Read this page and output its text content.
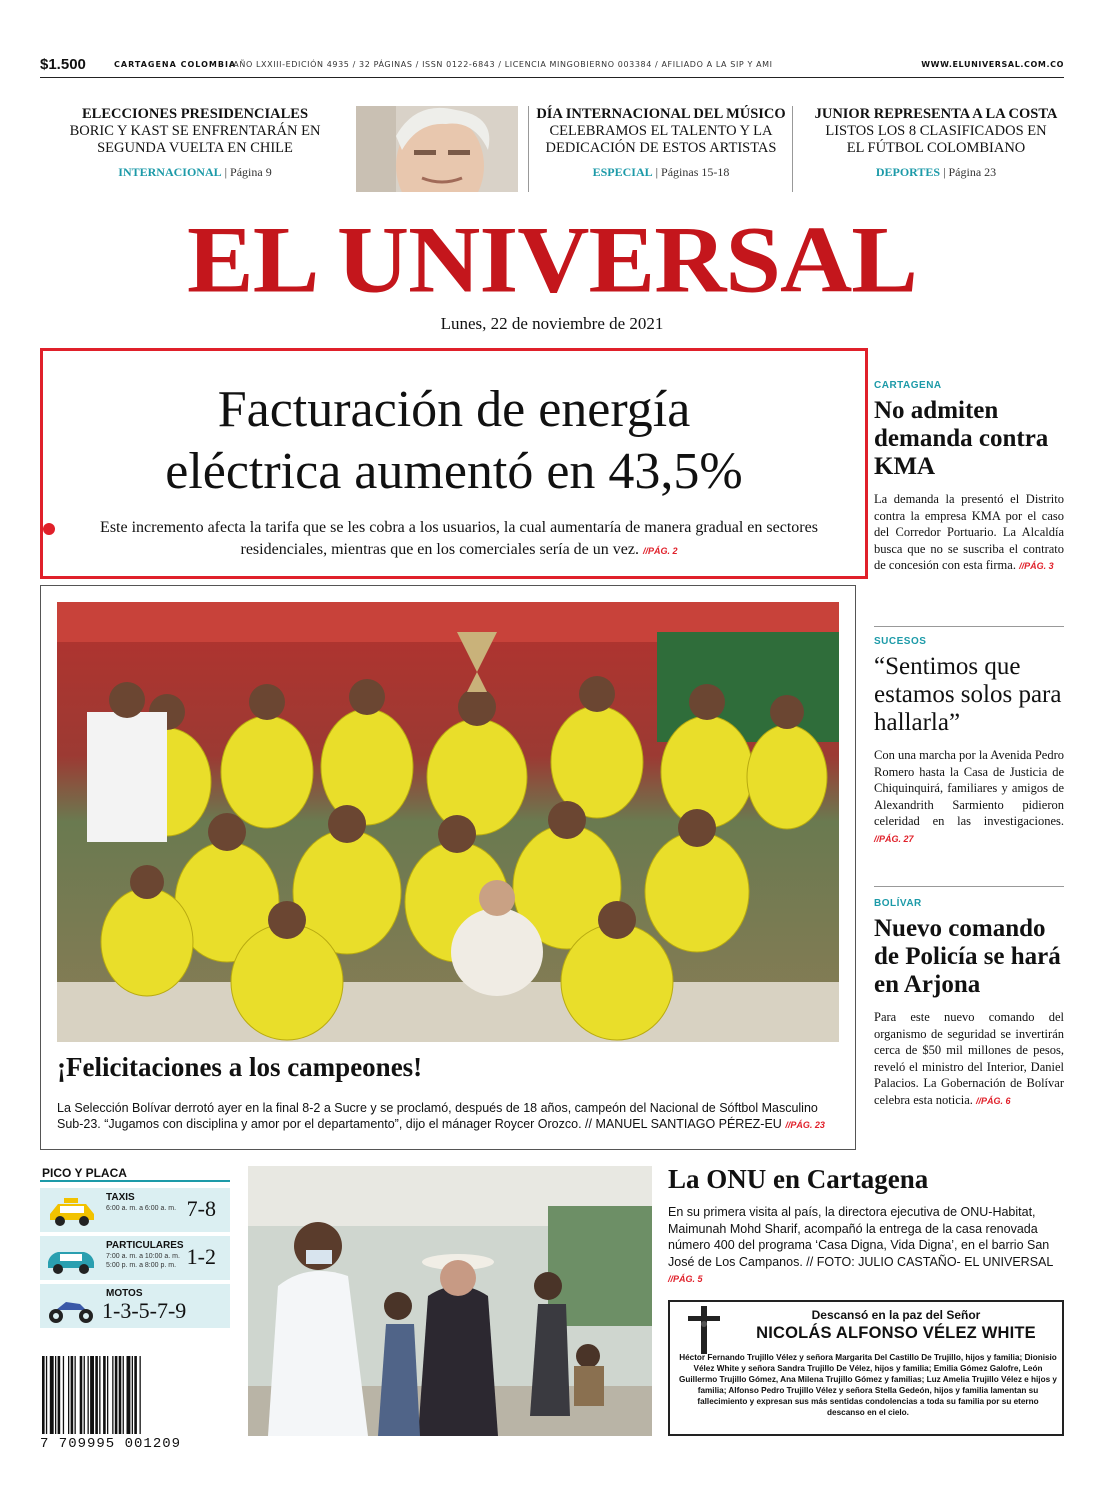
$1.500	CARTAGENA COLOMBIA
/AÑO LXXIII-EDICIÓN 4935 / 32 PÁGINAS / ISSN 0122-6843 / LICENCIA MINGOBIERNO 003384 / AFILIADO A LA SIP Y AMI	WWW.ELUNIVERSAL.COM.CO
ELECCIONES PRESIDENCIALES
BORIC Y KAST SE ENFRENTARÁN EN
SEGUNDA VUELTA EN CHILE
INTERNACIONAL | Página 9
DÍA INTERNACIONAL DEL MÚSICO
CELEBRAMOS EL TALENTO Y LA
DEDICACIÓN DE ESTOS ARTISTAS
ESPECIAL | Páginas 15-18
JUNIOR REPRESENTA A LA COSTA
LISTOS LOS 8 CLASIFICADOS EN
EL FÚTBOL COLOMBIANO
DEPORTES | Página 23
EL UNIVERSAL
Lunes, 22 de noviembre de 2021
Facturación de energía
eléctrica aumentó en 43,5%
Este incremento afecta la tarifa que se les cobra a los usuarios, la cual aumentaría de manera gradual en sectores residenciales, mientras que en los comerciales sería de un vez. //PÁG. 2
CARTAGENA
No admiten demanda contra KMA
La demanda la presentó el Distrito contra la empresa KMA por el caso del Corredor Portuario. La Alcaldía busca que no se suscriba el contrato de concesión con esta firma. //PÁG. 3
SUCESOS
“Sentimos que estamos solos para hallarla”
Con una marcha por la Avenida Pedro Romero hasta la Casa de Justicia de Chiquinquirá, familiares y amigos de Alexandrith Sarmiento pidieron celeridad en las investigaciones. //PÁG. 27
BOLÍVAR
Nuevo comando de Policía se hará en Arjona
Para este nuevo comando del organismo de seguridad se invertirán cerca de $50 mil millones de pesos, reveló el ministro del Interior, Daniel Palacios. La Gobernación de Bolívar celebra esta noticia. //PÁG. 6
¡Felicitaciones a los campeones!
La Selección Bolívar derrotó ayer en la final 8-2 a Sucre y se proclamó, después de 18 años, campeón del Nacional de Sóftbol Masculino Sub-23. “Jugamos con disciplina y amor por el departamento”, dijo el mánager Roycer Orozco. // MANUEL SANTIAGO PÉREZ-EU //PÁG. 23
PICO Y PLACA
TAXIS
6:00 a. m. a 6:00 a. m. 7-8
PARTICULARES
7:00 a. m. a 10:00 a. m.
5:00 p. m. a 8:00 p. m. 1-2
MOTOS
1-3-5-7-9
7 709995 001209
La ONU en Cartagena
En su primera visita al país, la directora ejecutiva de ONU-Habitat, Maimunah Mohd Sharif, acompañó la entrega de la casa renovada número 400 del programa ‘Casa Digna, Vida Digna’, en el barrio San José de Los Campanos. // FOTO: JULIO CASTAÑO- EL UNIVERSAL //PÁG. 5
Descansó en la paz del Señor
NICOLÁS ALFONSO VÉLEZ WHITE
Héctor Fernando Trujillo Vélez y señora Margarita Del Castillo De Trujillo, hijos y familia; Dionisio Vélez White y señora Sandra Trujillo De Vélez, hijos y familia; Emilia Gómez Galofre, León Guillermo Trujillo Gómez, Ana Milena Trujillo Gómez y familias; Luz Amelia Trujillo Vélez e hijos y familia; Alfonso Pedro Trujillo Vélez y señora Stella Gedeón, hijos y familia lamentan su fallecimiento y expresan sus más sentidas condolencias a toda su familia por su eterno descanso en el cielo.
